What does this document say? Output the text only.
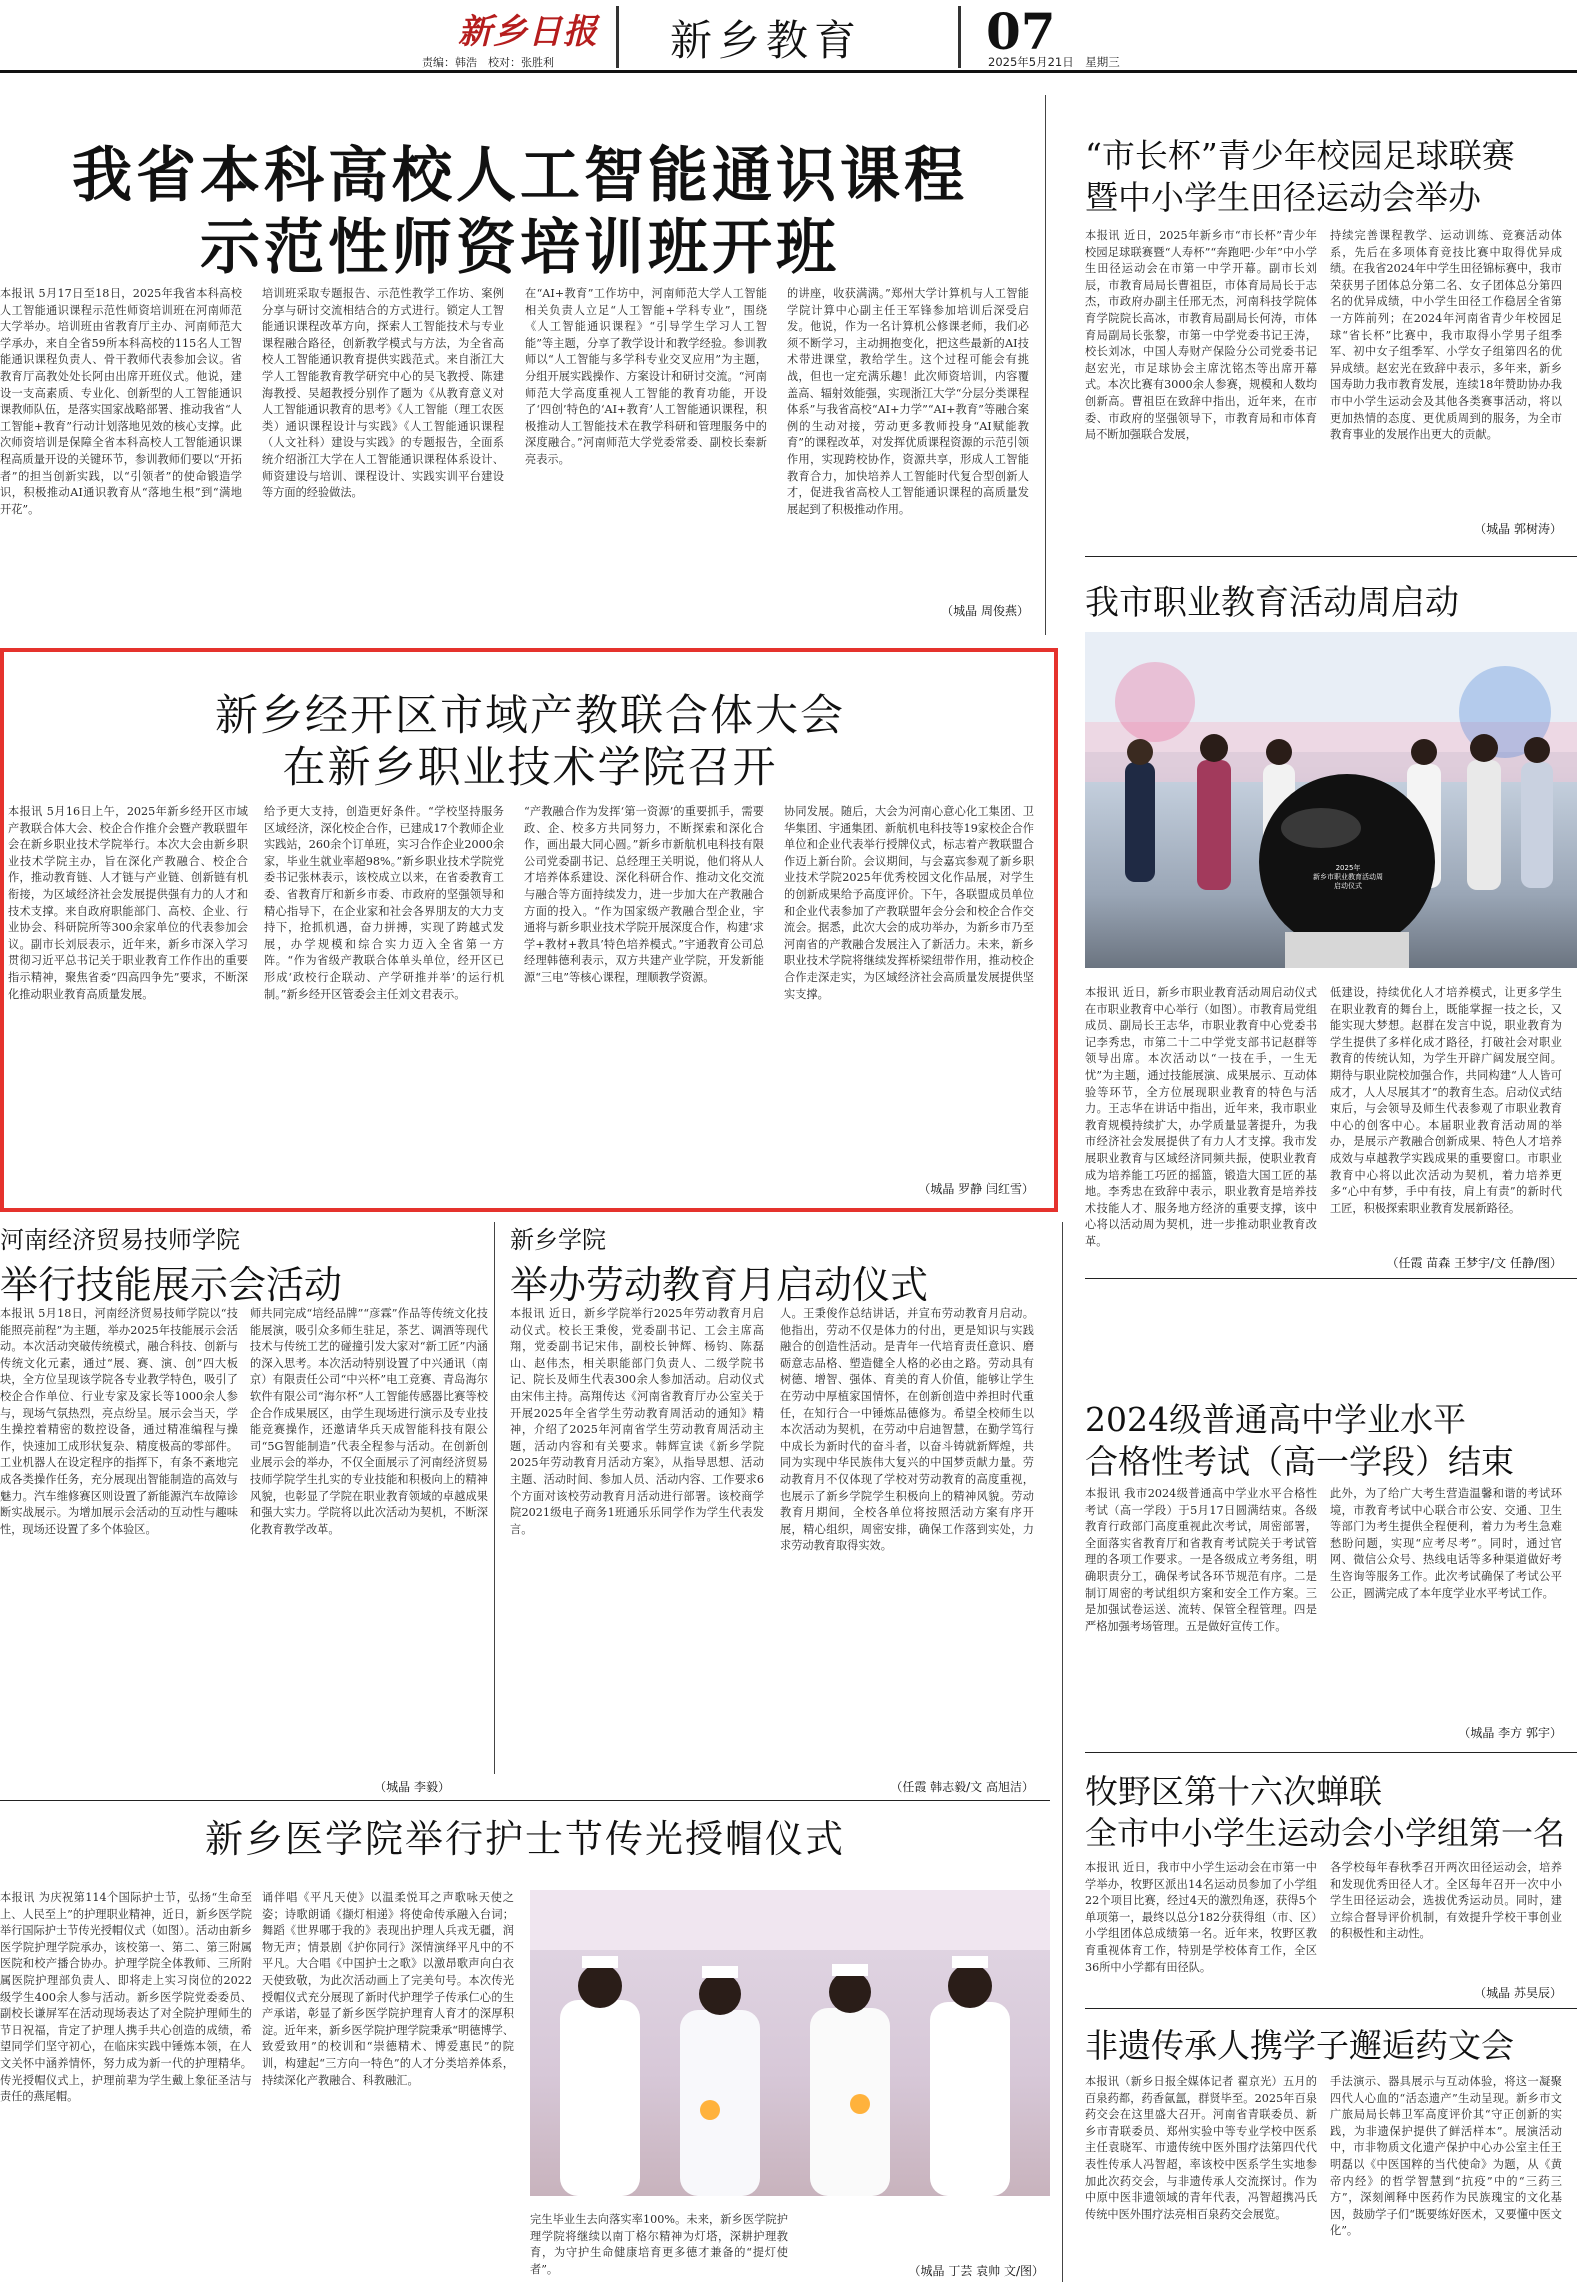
新乡日报
责编：韩浩　校对：张胜利	新乡教育 07
2025年5月21日　星期三
我省本科高校人工智能通识课程
示范性师资培训班开班
本报讯 5月17日至18日，2025年我省本科高校人工智能通识课程示范性师资培训班在河南师范大学举办。培训班由省教育厅主办、河南师范大学承办，来自全省59所本科高校的115名人工智能通识课程负责人、骨干教师代表参加会议。省教育厅高教处处长阿由出席开班仪式。他说，建设一支高素质、专业化、创新型的人工智能通识课教师队伍，是落实国家战略部署、推动我省“人工智能+教育”行动计划落地见效的核心支撑。此次师资培训是保障全省本科高校人工智能通识课程高质量开设的关键环节，参训教师们要以“开拓者”的担当创新实践，以“引领者”的使命锻造学识，积极推动AI通识教育从“落地生根”到“满地开花”。
培训班采取专题报告、示范性教学工作坊、案例分享与研讨交流相结合的方式进行。锁定人工智能通识课程改革方向，探索人工智能技术与专业课程融合路径，创新教学模式与方法，为全省高校人工智能通识教育提供实践范式。来自浙江大学人工智能教育教学研究中心的吴飞教授、陈建海教授、吴超教授分别作了题为《从教育意义对人工智能通识教育的思考》《人工智能（理工农医类）通识课程设计与实践》《人工智能通识课程（人文社科）建设与实践》的专题报告，全面系统介绍浙江大学在人工智能通识课程体系设计、师资建设与培训、课程设计、实践实训平台建设等方面的经验做法。
在“AI+教育”工作坊中，河南师范大学人工智能相关负责人立足“人工智能+学科专业”，围绕《人工智能通识课程》“引导学生学习人工智能”等主题，分享了教学设计和教学经验。参训教师以“人工智能与多学科专业交叉应用”为主题，分组开展实践操作、方案设计和研讨交流。“河南师范大学高度重视人工智能的教育功能，开设了‘四创’特色的‘AI+教育’人工智能通识课程，积极推动人工智能技术在教学科研和管理服务中的深度融合。”河南师范大学党委常委、副校长秦新亮表示。
的讲座，收获满满。”郑州大学计算机与人工智能学院计算中心副主任王军锋参加培训后深受启发。他说，作为一名计算机公修课老师，我们必须不断学习，主动拥抱变化，把这些最新的AI技术带进课堂，教给学生。这个过程可能会有挑战，但也一定充满乐趣！此次师资培训，内容覆盖高、辐射效能强，实现浙江大学“分层分类课程体系”与我省高校“AI+力学”“AI+教育”等融合案例的生动对接，劳动更多教师投身“AI赋能教育”的课程改革，对发挥优质课程资源的示范引领作用，实现跨校协作，资源共享，形成人工智能教育合力，加快培养人工智能时代复合型创新人才，促进我省高校人工智能通识课程的高质量发展起到了积极推动作用。
（城晶 周俊燕）
“市长杯”青少年校园足球联赛
暨中小学生田径运动会举办
本报讯 近日，2025年新乡市“市长杯”青少年校园足球联赛暨“人寿杯”“奔跑吧·少年”中小学生田径运动会在市第一中学开幕。副市长刘辰，市教育局局长曹祖臣，市体育局局长于志杰，市政府办副主任邢无杰，河南科技学院体育学院院长高冰，市教育局副局长何涛，市体育局副局长张黎，市第一中学党委书记王涛，校长刘冰，中国人寿财产保险分公司党委书记赵宏光，市足球协会主席沈铭杰等出席开幕式。本次比赛有3000余人参赛，规模和人数均创新高。曹祖臣在致辞中指出，近年来，在市委、市政府的坚强领导下，市教育局和市体育局不断加强联合发展，
持续完善课程教学、运动训练、竞赛活动体系，先后在多项体育竞技比赛中取得优异成绩。在我省2024年中学生田径锦标赛中，我市荣获男子团体总分第二名、女子团体总分第四名的优异成绩，中小学生田径工作稳居全省第一方阵前列；在2024年河南省青少年校园足球“省长杯”比赛中，我市取得小学男子组季军、初中女子组季军、小学女子组第四名的优异成绩。赵宏光在致辞中表示，多年来，新乡国寿助力我市教育发展，连续18年赞助协办我市中小学生运动会及其他各类赛事活动，将以更加热情的态度、更优质周到的服务，为全市教育事业的发展作出更大的贡献。
（城晶 郭树涛）
新乡经开区市域产教联合体大会
在新乡职业技术学院召开
本报讯 5月16日上午，2025年新乡经开区市域产教联合体大会、校企合作推介会暨产教联盟年会在新乡职业技术学院举行。本次大会由新乡职业技术学院主办，旨在深化产教融合、校企合作，推动教育链、人才链与产业链、创新链有机衔接，为区域经济社会发展提供强有力的人才和技术支撑。来自政府职能部门、高校、企业、行业协会、科研院所等300余家单位的代表参加会议。副市长刘辰表示，近年来，新乡市深入学习贯彻习近平总书记关于职业教育工作作出的重要指示精神，聚焦省委“四高四争先”要求，不断深化推动职业教育高质量发展。
给予更大支持，创造更好条件。“学校坚持服务区域经济，深化校企合作，已建成17个教师企业实践站，260余个订单班，实习合作企业2000余家，毕业生就业率超98%。”新乡职业技术学院党委书记张林表示，该校成立以来，在省委教育工委、省教育厅和新乡市委、市政府的坚强领导和精心指导下，在企业家和社会各界朋友的大力支持下，抢抓机遇，奋力拼搏，实现了跨越式发展，办学规模和综合实力迈入全省第一方阵。“作为省级产教联合体单头单位，经开区已形成‘政校行企联动、产学研推并举’的运行机制。”新乡经开区管委会主任刘文君表示。
“产教融合作为发挥‘第一资源’的重要抓手，需要政、企、校多方共同努力，不断探索和深化合作，画出最大同心圆。”新乡市新航机电科技有限公司党委副书记、总经理王关明说，他们将从人才培养体系建设、深化科研合作、推动文化交流与融合等方面持续发力，进一步加大在产教融合方面的投入。“作为国家级产教融合型企业，宇通将与新乡职业技术学院开展深度合作，构建‘求学+教材+教具’特色培养模式。”宇通教育公司总经理韩德利表示，双方共建产业学院，开发新能源“三电”等核心课程，理顺教学资源。
协同发展。随后，大会为河南心意心化工集团、卫华集团、宇通集团、新航机电科技等19家校企合作单位和企业代表举行授牌仪式，标志着产教联盟合作迈上新台阶。会议期间，与会嘉宾参观了新乡职业技术学院2025年优秀校园文化作品展，对学生的创新成果给予高度评价。下午，各联盟成员单位和企业代表参加了产教联盟年会分会和校企合作交流会。据悉，此次大会的成功举办，为新乡市乃至河南省的产教融合发展注入了新活力。未来，新乡职业技术学院将继续发挥桥梁纽带作用，推动校企合作走深走实，为区域经济社会高质量发展提供坚实支撑。
（城晶 罗静 闫红雪）
我市职业教育活动周启动
2025年
新乡市职业教育活动周
启动仪式
本报讯 近日，新乡市职业教育活动周启动仪式在市职业教育中心举行（如图）。市教育局党组成员、副局长王志华，市职业教育中心党委书记李秀忠，市第二十二中学党支部书记赵群等领导出席。本次活动以“一技在手，一生无忧”为主题，通过技能展演、成果展示、互动体验等环节，全方位展现职业教育的特色与活力。王志华在讲话中指出，近年来，我市职业教育规模持续扩大，办学质量显著提升，为我市经济社会发展提供了有力人才支撑。我市发展职业教育与区域经济同频共振，使职业教育成为培养能工巧匠的摇篮，锻造大国工匠的基地。李秀忠在致辞中表示，职业教育是培养技术技能人才、服务地方经济的重要支撑，该中心将以活动周为契机，进一步推动职业教育改革。
低建设，持续优化人才培养模式，让更多学生在职业教育的舞台上，既能掌握一技之长，又能实现大梦想。赵群在发言中说，职业教育为学生提供了多样化成才路径，打破社会对职业教育的传统认知，为学生开辟广阔发展空间。期待与职业院校加强合作，共同构建“人人皆可成才，人人尽展其才”的教育生态。启动仪式结束后，与会领导及师生代表参观了市职业教育中心的创客中心。本届职业教育活动周的举办，是展示产教融合创新成果、特色人才培养成效与卓越教学实践成果的重要窗口。市职业教育中心将以此次活动为契机，着力培养更多“心中有梦，手中有技，肩上有责”的新时代工匠，积极探索职业教育发展新路径。
（任霞 苗森 王梦宇/文 任静/图）
河南经济贸易技师学院
举行技能展示会活动
本报讯 5月18日，河南经济贸易技师学院以“技能照亮前程”为主题，举办2025年技能展示会活动。本次活动突破传统模式，融合科技、创新与传统文化元素，通过“展、赛、演、创”四大板块，全方位呈现该学院各专业教学特色，吸引了校企合作单位、行业专家及家长等1000余人参与，现场气氛热烈，亮点纷呈。展示会当天，学生操控着精密的数控设备，通过精准编程与操作，快速加工成形状复杂、精度极高的零部件。工业机器人在设定程序的指挥下，有条不紊地完成各类操作任务，充分展现出智能制造的高效与魅力。汽车维修赛区则设置了新能源汽车故障诊断实战展示。为增加展示会活动的互动性与趣味性，现场还设置了多个体验区。
师共同完成“培经品牌”“彦霖”作品等传统文化技能展演，吸引众多师生驻足，茶艺、调酒等现代技术与传统工艺的碰撞引发大家对“新工匠”内涵的深入思考。本次活动特别设置了中兴通讯（南京）有限责任公司“中兴杯”电工竞赛、青岛海尔软件有限公司“海尔杯”人工智能传感器比赛等校企合作成果展区，由学生现场进行演示及专业技能竞赛操作，还邀请华兵天成智能科技有限公司“5G智能制造”代表全程参与活动。在创新创业展示会的举办，不仅全面展示了河南经济贸易技师学院学生扎实的专业技能和积极向上的精神风貌，也彰显了学院在职业教育领域的卓越成果和强大实力。学院将以此次活动为契机，不断深化教育教学改革。
（城晶 李毅）
新乡学院
举办劳动教育月启动仪式
本报讯 近日，新乡学院举行2025年劳动教育月启动仪式。校长王秉俊，党委副书记、工会主席高翔，党委副书记宋伟，副校长钟辉、杨钧、陈磊山、赵伟杰，相关职能部门负责人、二级学院书记、院长及师生代表300余人参加活动。启动仪式由宋伟主持。高翔传达《河南省教育厅办公室关于开展2025年全省学生劳动教育周活动的通知》精神，介绍了2025年河南省学生劳动教育周活动主题，活动内容和有关要求。韩辉宣读《新乡学院2025年劳动教育月活动方案》，从指导思想、活动主题、活动时间、参加人员、活动内容、工作要求6个方面对该校劳动教育月活动进行部署。该校商学院2021级电子商务1班通乐乐同学作为学生代表发言。
人。王秉俊作总结讲话，并宣布劳动教育月启动。他指出，劳动不仅是体力的付出，更是知识与实践融合的创造性活动。是青年一代培育责任意识、磨砺意志品格、塑造健全人格的必由之路。劳动具有树德、增智、强体、育美的育人价值，能够让学生在劳动中厚植家国情怀，在创新创造中养担时代重任，在知行合一中锤炼品德修为。希望全校师生以本次活动为契机，在劳动中启迪智慧，在勤学笃行中成长为新时代的奋斗者，以奋斗铸就新辉煌，共同为实现中华民族伟大复兴的中国梦贡献力量。劳动教育月不仅体现了学校对劳动教育的高度重视，也展示了新乡学院学生积极向上的精神风貌。劳动教育月期间，全校各单位将按照活动方案有序开展，精心组织，周密安排，确保工作落到实处，力求劳动教育取得实效。
（任霞 韩志毅/文 高旭洁）
2024级普通高中学业水平
合格性考试（高一学段）结束
本报讯 我市2024级普通高中学业水平合格性考试（高一学段）于5月17日圆满结束。各级教育行政部门高度重视此次考试，周密部署，全面落实省教育厅和省教育考试院关于考试管理的各项工作要求。一是各级成立考务组，明确职责分工，确保考试各环节规范有序。二是制订周密的考试组织方案和安全工作方案。三是加强试卷运送、流转、保管全程管理。四是严格加强考场管理。五是做好宣传工作。
此外，为了给广大考生营造温馨和谐的考试环境，市教育考试中心联合市公安、交通、卫生等部门为考生提供全程便利，着力为考生急难愁盼问题，实现“应考尽考”。同时，通过官网、微信公众号、热线电话等多种渠道做好考生咨询等服务工作。此次考试确保了考试公平公正，圆满完成了本年度学业水平考试工作。
（城晶 李方 郭宇）
牧野区第十六次蝉联
全市中小学生运动会小学组第一名
本报讯 近日，我市中小学生运动会在市第一中学举办，牧野区派出14名运动员参加了小学组22个项目比赛，经过4天的激烈角逐，获得5个单项第一，最终以总分182分获得组（市、区）小学组团体总成绩第一名。近年来，牧野区教育重视体育工作，特别是学校体育工作，全区36所中小学都有田径队。
各学校每年春秋季召开两次田径运动会，培养和发现优秀田径人才。全区每年召开一次中小学生田径运动会，选拔优秀运动员。同时，建立综合督导评价机制，有效提升学校干事创业的积极性和主动性。
（城晶 苏昊辰）
新乡医学院举行护士节传光授帽仪式
本报讯 为庆祝第114个国际护士节，弘扬“生命至上、人民至上”的护理职业精神，近日，新乡医学院举行国际护士节传光授帽仪式（如图）。活动由新乡医学院护理学院承办，该校第一、第二、第三附属医院和校产播合协办。护理学院全体教师、三所附属医院护理部负责人、即将走上实习岗位的2022级学生400余人参与活动。新乡医学院党委委员、副校长谦屏军在活动现场表达了对全院护理师生的节日祝福，肯定了护理人携手共心创造的成绩，希望同学们坚守初心，在临床实践中锤炼本领，在人文关怀中涵养情怀，努力成为新一代的护理精华。传光授帽仪式上，护理前辈为学生戴上象征圣洁与责任的燕尾帽。
诵伴唱《平凡天使》以温柔悦耳之声歌咏天使之姿；诗歌朗诵《撷灯相递》将使命传承融入台词；舞蹈《世界哪于我的》表现出护理人兵戎无疆，润物无声；情景剧《护你同行》深情演绎平凡中的不平凡。大合唱《中国护士之歌》以激昂歌声向白衣天使致敬，为此次活动画上了完美句号。本次传光授帽仪式充分展现了新时代护理学子传承仁心的生产承诺，彰显了新乡医学院护理育人育才的深厚积淀。近年来，新乡医学院护理学院秉承“明德博学、致爱致用”的校训和“崇德精术、博爱惠民”的院训，构建起“三方向一特色”的人才分类培养体系，持续深化产教融合、科教融汇。
完生毕业生去向落实率100%。未来，新乡医学院护理学院将继续以南丁格尔精神为灯塔，深耕护理教育，为守护生命健康培育更多德才兼备的“提灯使者”。	（城晶 丁芸 袁帅 文/图）
非遗传承人携学子邂逅药文会
本报讯（新乡日报全媒体记者 翟京光）五月的百泉药都，药香氤氲，群贤毕至。2025年百泉药交会在这里盛大召开。河南省青联委员、新乡市青联委员、郑州实验中等专业学校中医系主任袁晓军、市遗传统中医外围疗法第四代代表性传承人冯智超，率该校中医系学生实地参加此次药交会，与非遗传承人交流探讨。作为中原中医非遗领域的青年代表，冯智超携冯氏传统中医外围疗法亮相百泉药交会展览。
手法演示、器具展示与互动体验，将这一凝聚四代人心血的“活态遗产”生动呈现。新乡市文广旅局局长韩卫军高度评价其“守正创新的实践，为非遗保护提供了鲜活样本”。展演活动中，市非物质文化遗产保护中心办公室主任王明磊以《中医国粹的当代使命》为题，从《黄帝内经》的哲学智慧到“抗疫”中的“三药三方”，深刻阐释中医药作为民族瑰宝的文化基因，鼓励学子们“既要练好医术，又要懂中医文化”。
